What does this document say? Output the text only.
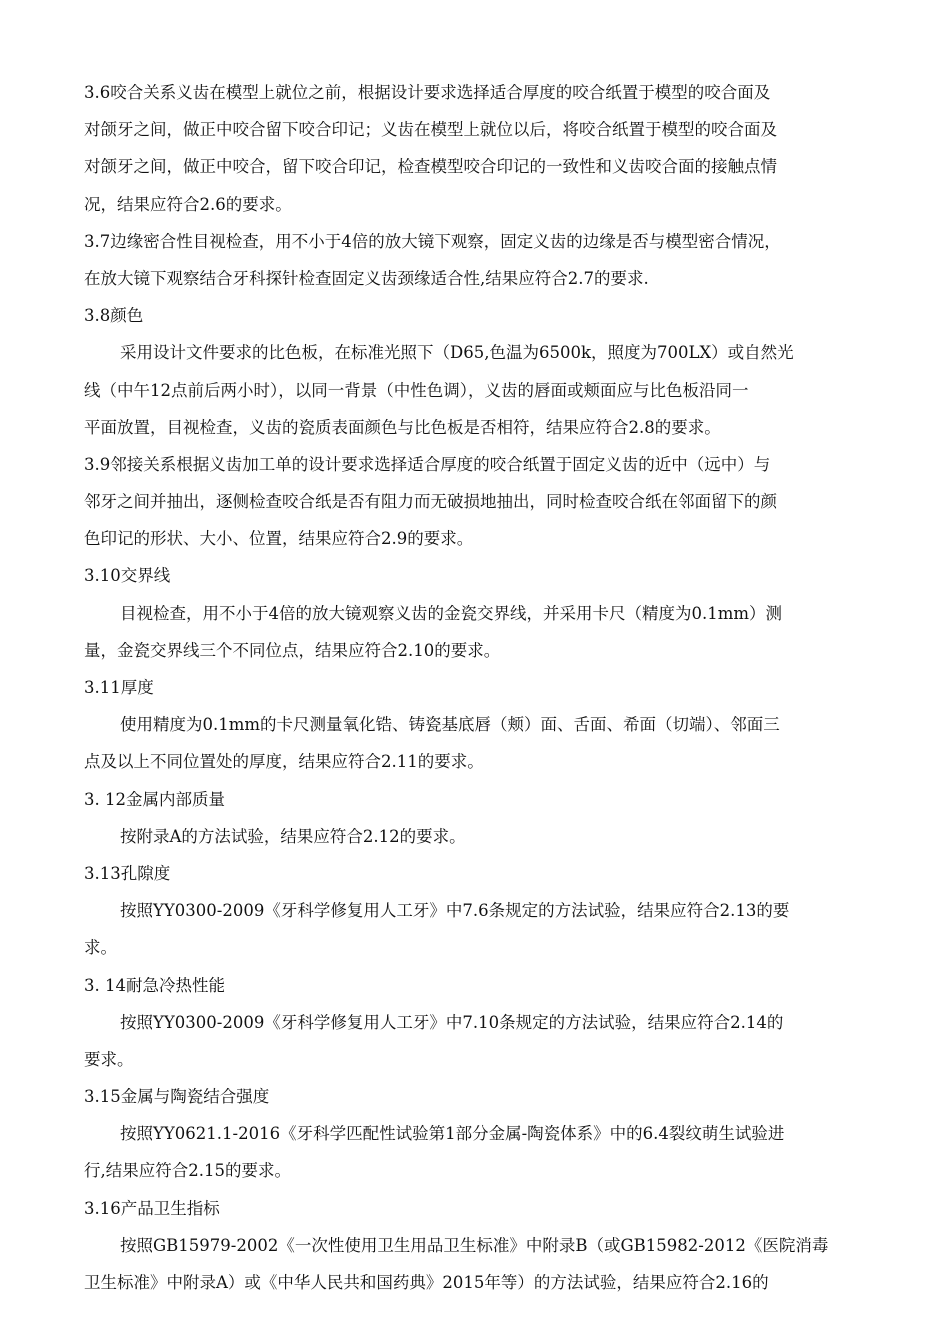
3.6咬合关系义齿在模型上就位之前，根据设计要求选择适合厚度的咬合纸置于模型的咬合面及
对颌牙之间，做正中咬合留下咬合印记；义齿在模型上就位以后，将咬合纸置于模型的咬合面及
对颌牙之间，做正中咬合，留下咬合印记，检查模型咬合印记的一致性和义齿咬合面的接触点情
况，结果应符合2.6的要求。
3.7边缘密合性目视检查，用不小于4倍的放大镜下观察，固定义齿的边缘是否与模型密合情况，
在放大镜下观察结合牙科探针检查固定义齿颈缘适合性,结果应符合2.7的要求.
3.8颜色
采用设计文件要求的比色板，在标准光照下（D65,色温为6500k，照度为700LX）或自然光
线（中午12点前后两小时），以同一背景（中性色调），义齿的唇面或颊面应与比色板沿同一
平面放置，目视检查，义齿的瓷质表面颜色与比色板是否相符，结果应符合2.8的要求。
3.9邻接关系根据义齿加工单的设计要求选择适合厚度的咬合纸置于固定义齿的近中（远中）与
邻牙之间并抽出，逐侧检查咬合纸是否有阻力而无破损地抽出，同时检查咬合纸在邻面留下的颜
色印记的形状、大小、位置，结果应符合2.9的要求。
3.10交界线
目视检查，用不小于4倍的放大镜观察义齿的金瓷交界线，并采用卡尺（精度为0.1mm）测
量，金瓷交界线三个不同位点，结果应符合2.10的要求。
3.11厚度
使用精度为0.1mm的卡尺测量氧化锆、铸瓷基底唇（颊）面、舌面、希面（切端）、邻面三
点及以上不同位置处的厚度，结果应符合2.11的要求。
3. 12金属内部质量
按附录A的方法试验，结果应符合2.12的要求。
3.13孔隙度
按照YY0300-2009《牙科学修复用人工牙》中7.6条规定的方法试验，结果应符合2.13的要
求。
3. 14耐急冷热性能
按照YY0300-2009《牙科学修复用人工牙》中7.10条规定的方法试验，结果应符合2.14的
要求。
3.15金属与陶瓷结合强度
按照YY0621.1-2016《牙科学匹配性试验第1部分金属-陶瓷体系》中的6.4裂纹萌生试验进
行,结果应符合2.15的要求。
3.16产品卫生指标
按照GB15979-2002《一次性使用卫生用品卫生标准》中附录B（或GB15982-2012《医院消毒
卫生标准》中附录A）或《中华人民共和国药典》2015年等）的方法试验，结果应符合2.16的
